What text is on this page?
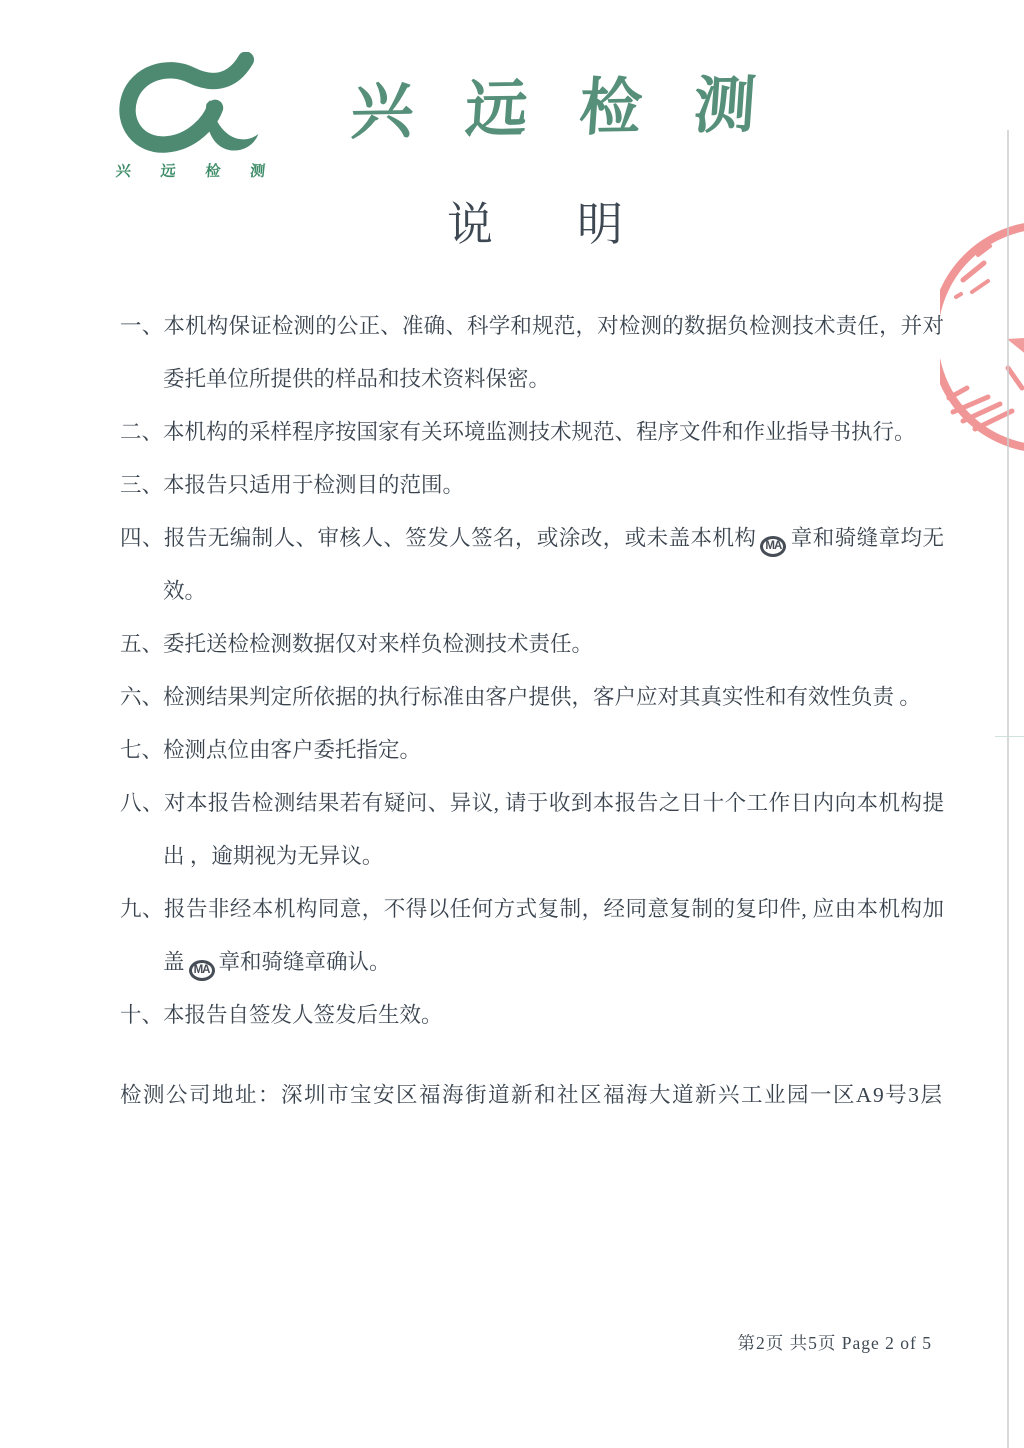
兴 远 检 测
兴远检测
说明
一、本机构保证检测的公正、准确、科学和规范，对检测的数据负检测技术责任，并对委托单位所提供的样品和技术资料保密。
二、本机构的采样程序按国家有关环境监测技术规范、程序文件和作业指导书执行。
三、本报告只适用于检测目的范围。
四、报告无编制人、审核人、签发人签名，或涂改，或未盖本机构 MA 章和骑缝章均无效。
五、委托送检检测数据仅对来样负检测技术责任。
六、检测结果判定所依据的执行标准由客户提供，客户应对其真实性和有效性负责 。
七、检测点位由客户委托指定。
八、对本报告检测结果若有疑问、异议, 请于收到本报告之日十个工作日内向本机构提出 ，逾期视为无异议。
九、报告非经本机构同意，不得以任何方式复制，经同意复制的复印件, 应由本机构加盖 MA 章和骑缝章确认。
十、本报告自签发人签发后生效。
检测公司地址：深圳市宝安区福海街道新和社区福海大道新兴工业园一区A9号3层
第2页 共5页 Page 2 of 5
